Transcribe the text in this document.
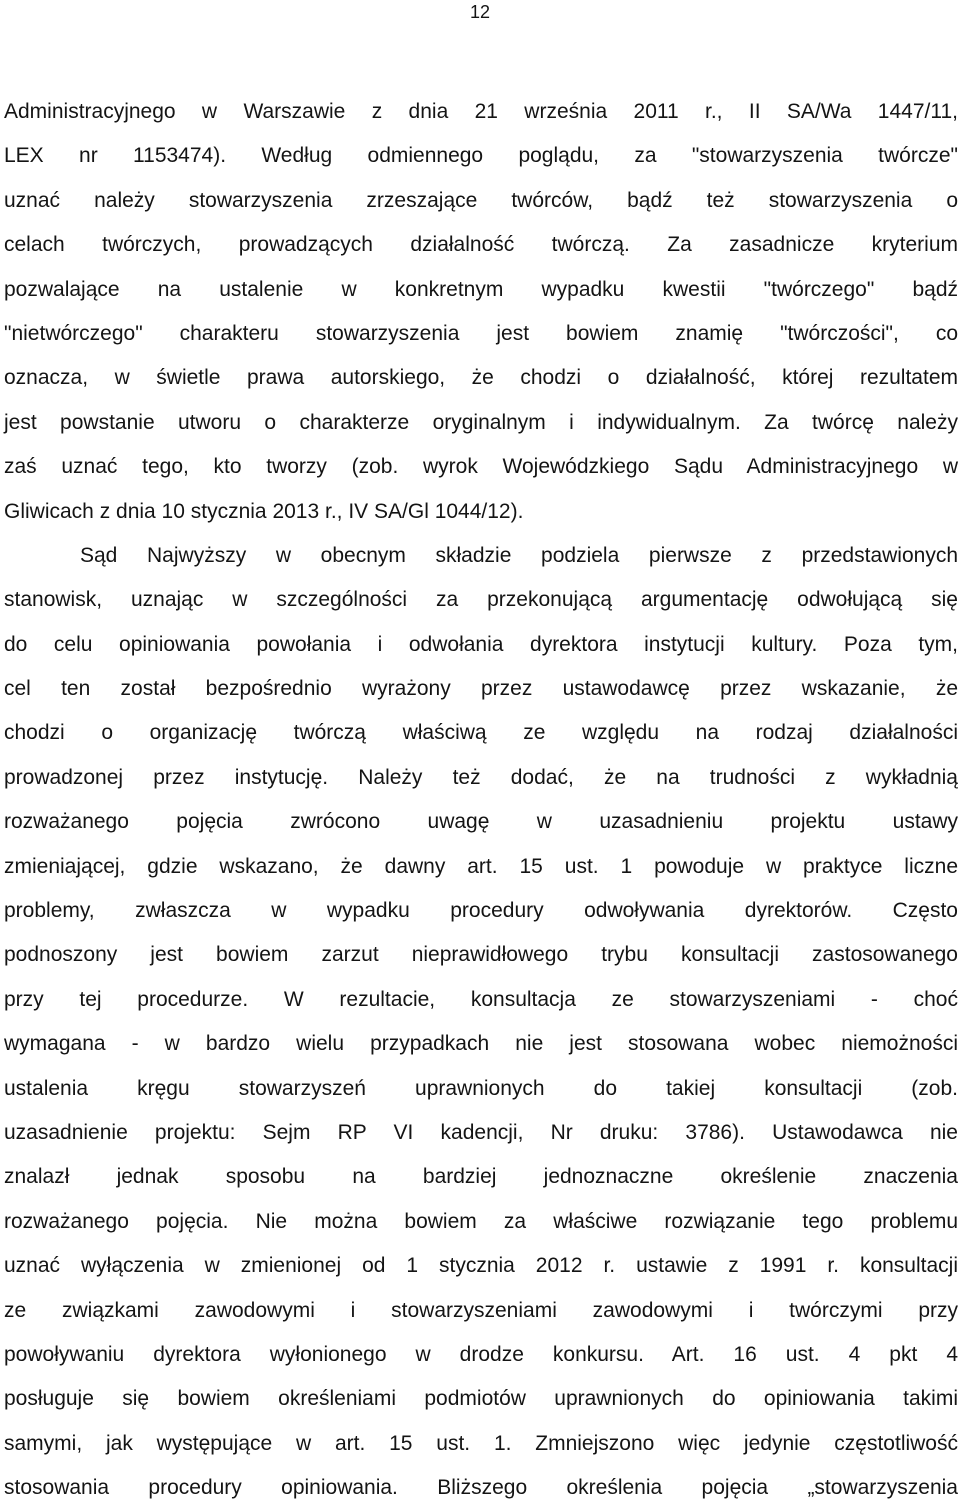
12
Administracyjnego w Warszawie z dnia 21 września 2011 r., II SA/Wa 1447/11,
LEX nr 1153474). Według odmiennego poglądu, za "stowarzyszenia twórcze"
uznać należy stowarzyszenia zrzeszające twórców, bądź też stowarzyszenia o
celach twórczych, prowadzących działalność twórczą. Za zasadnicze kryterium
pozwalające na ustalenie w konkretnym wypadku kwestii "twórczego" bądź
"nietwórczego" charakteru stowarzyszenia jest bowiem znamię "twórczości", co
oznacza, w świetle prawa autorskiego, że chodzi o działalność, której rezultatem
jest powstanie utworu o charakterze oryginalnym i indywidualnym. Za twórcę należy
zaś uznać tego, kto tworzy (zob. wyrok Wojewódzkiego Sądu Administracyjnego w
Gliwicach z dnia 10 stycznia 2013 r., IV SA/Gl 1044/12).
Sąd Najwyższy w obecnym składzie podziela pierwsze z przedstawionych
stanowisk, uznając w szczególności za przekonującą argumentację odwołującą się
do celu opiniowania powołania i odwołania dyrektora instytucji kultury. Poza tym,
cel ten został bezpośrednio wyrażony przez ustawodawcę przez wskazanie, że
chodzi o organizację twórczą właściwą ze względu na rodzaj działalności
prowadzonej przez instytucję. Należy też dodać, że na trudności z wykładnią
rozważanego pojęcia zwrócono uwagę w uzasadnieniu projektu ustawy
zmieniającej, gdzie wskazano, że dawny art. 15 ust. 1 powoduje w praktyce liczne
problemy, zwłaszcza w wypadku procedury odwoływania dyrektorów. Często
podnoszony jest bowiem zarzut nieprawidłowego trybu konsultacji zastosowanego
przy tej procedurze. W rezultacie, konsultacja ze stowarzyszeniami - choć
wymagana - w bardzo wielu przypadkach nie jest stosowana wobec niemożności
ustalenia kręgu stowarzyszeń uprawnionych do takiej konsultacji (zob.
uzasadnienie projektu: Sejm RP VI kadencji, Nr druku: 3786). Ustawodawca nie
znalazł jednak sposobu na bardziej jednoznaczne określenie znaczenia
rozważanego pojęcia. Nie można bowiem za właściwe rozwiązanie tego problemu
uznać wyłączenia w zmienionej od 1 stycznia 2012 r. ustawie z 1991 r. konsultacji
ze związkami zawodowymi i stowarzyszeniami zawodowymi i twórczymi przy
powoływaniu dyrektora wyłonionego w drodze konkursu. Art. 16 ust. 4 pkt 4
posługuje się bowiem określeniami podmiotów uprawnionych do opiniowania takimi
samymi, jak występujące w art. 15 ust. 1. Zmniejszono więc jedynie częstotliwość
stosowania procedury opiniowania. Bliższego określenia pojęcia „stowarzyszenia
